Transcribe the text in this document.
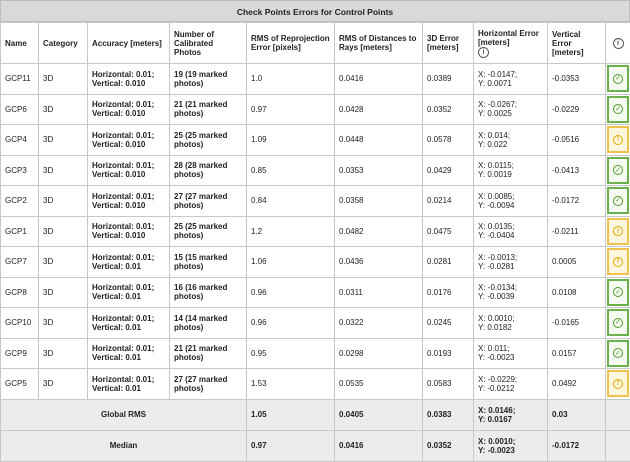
Check Points Errors for Control Points
Name	Category	Accuracy [meters]	Number of Calibrated Photos	RMS of Reprojection Error [pixels]	RMS of Distances to Rays [meters]	3D Error [meters]	Horizontal Error [meters]
i	Vertical Error [meters]	i
GCP11	3D	Horizontal: 0.01;
Vertical: 0.010	19 (19 marked photos)	1.0	0.0416	0.0389	X: -0.0147;
Y: 0.0071	-0.0353	✓

GCP6	3D	Horizontal: 0.01;
Vertical: 0.010	21 (21 marked photos)	0.97	0.0428	0.0352	X: -0.0267;
Y: 0.0025	-0.0229	✓

GCP4	3D	Horizontal: 0.01;
Vertical: 0.010	25 (25 marked photos)	1.09	0.0448	0.0578	X: 0.014;
Y: 0.022	-0.0516	!

GCP3	3D	Horizontal: 0.01;
Vertical: 0.010	28 (28 marked photos)	0.85	0.0353	0.0429	X: 0.0115;
Y: 0.0019	-0.0413	✓

GCP2	3D	Horizontal: 0.01;
Vertical: 0.010	27 (27 marked photos)	0.84	0.0358	0.0214	X: 0.0085;
Y: -0.0094	-0.0172	✓

GCP1	3D	Horizontal: 0.01;
Vertical: 0.010	25 (25 marked photos)	1.2	0.0482	0.0475	X: 0.0135;
Y: -0.0404	-0.0211	!

GCP7	3D	Horizontal: 0.01;
Vertical: 0.01	15 (15 marked photos)	1.06	0.0436	0.0281	X: -0.0013;
Y: -0.0281	0.0005	!

GCP8	3D	Horizontal: 0.01;
Vertical: 0.01	16 (16 marked photos)	0.96	0.0311	0.0176	X: -0.0134;
Y: -0.0039	0.0108	✓

GCP10	3D	Horizontal: 0.01;
Vertical: 0.01	14 (14 marked photos)	0.96	0.0322	0.0245	X: 0.0010;
Y: 0.0182	-0.0165	✓

GCP9	3D	Horizontal: 0.01;
Vertical: 0.01	21 (21 marked photos)	0.95	0.0298	0.0193	X: 0.011;
Y: -0.0023	0.0157	✓

GCP5	3D	Horizontal: 0.01;
Vertical: 0.01	27 (27 marked photos)	1.53	0.0535	0.0583	X: -0.0229;
Y: -0.0212	0.0492	!

Global RMS				1.05	0.0405	0.0383	X: 0.0146;
Y: 0.0167	0.03	
Median				0.97	0.0416	0.0352	X: 0.0010;
Y: -0.0023	-0.0172	
